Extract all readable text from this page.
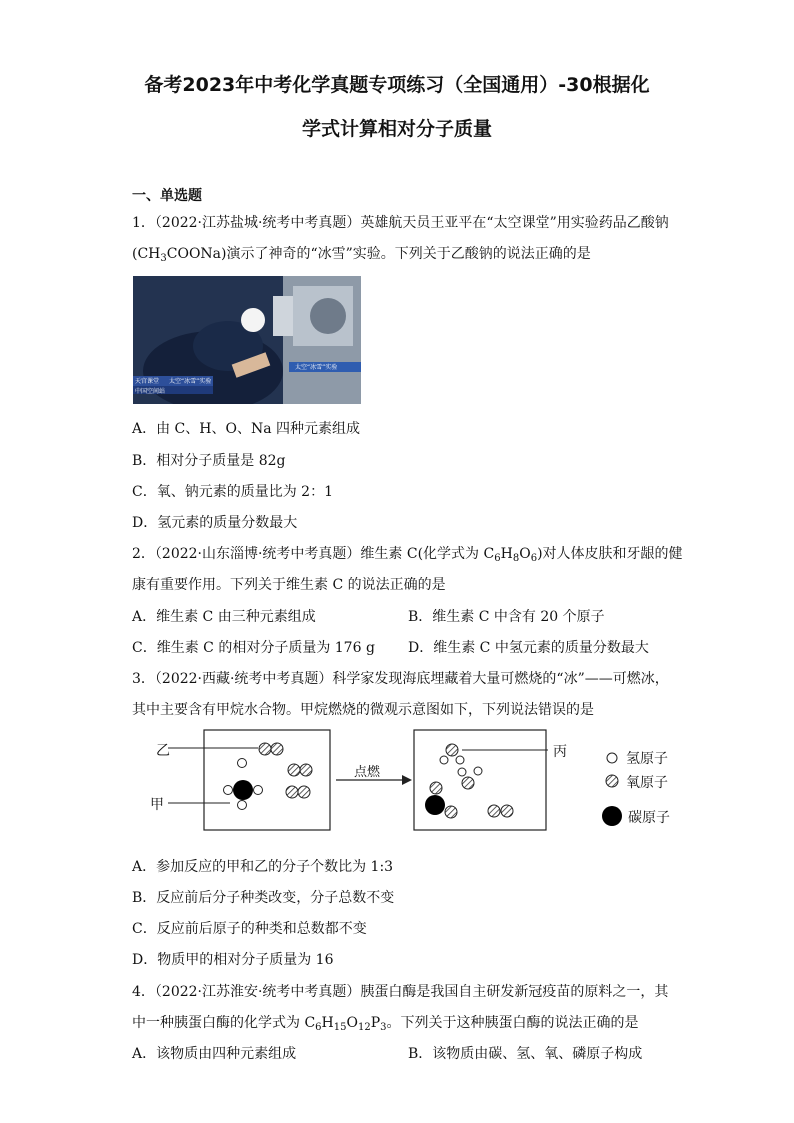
备考2023年中考化学真题专项练习（全国通用）-30根据化
学式计算相对分子质量
一、单选题
1．（2022·江苏盐城·统考中考真题）英雄航天员王亚平在“太空课堂”用实验药品乙酸钠
$(CH_3COONa)$演示了神奇的“冰雪”实验。下列关于乙酸钠的说法正确的是
天宫课堂 太空“冰雪”实验
中国空间站
太空“冰雪”实验
A．由 C、H、O、Na 四种元素组成
B．相对分子质量是 82g
C．氧、钠元素的质量比为 2：1
D．氢元素的质量分数最大
2．（2022·山东淄博·统考中考真题）维生素 C(化学式为 $C_6H_8O_6$)对人体皮肤和牙龈的健
康有重要作用。下列关于维生素 C 的说法正确的是
A．维生素 C 由三种元素组成	B．维生素 C 中含有 20 个原子
C．维生素 C 的相对分子质量为 176 g D．维生素 C 中氢元素的质量分数最大
3．（2022·西藏·统考中考真题）科学家发现海底埋藏着大量可燃烧的“冰”——可燃冰，
其中主要含有甲烷水合物。甲烷燃烧的微观示意图如下，下列说法错误的是
乙
甲
点燃
丙	氢原子
氧原子
碳原子
A．参加反应的甲和乙的分子个数比为 1:3
B．反应前后分子种类改变，分子总数不变
C．反应前后原子的种类和总数都不变
D．物质甲的相对分子质量为 16
4．（2022·江苏淮安·统考中考真题）胰蛋白酶是我国自主研发新冠疫苗的原料之一，其
中一种胰蛋白酶的化学式为 $C_6H_{15}O_{12}P_3$。下列关于这种胰蛋白酶的说法正确的是
A．该物质由四种元素组成	B．该物质由碳、氢、氧、磷原子构成
